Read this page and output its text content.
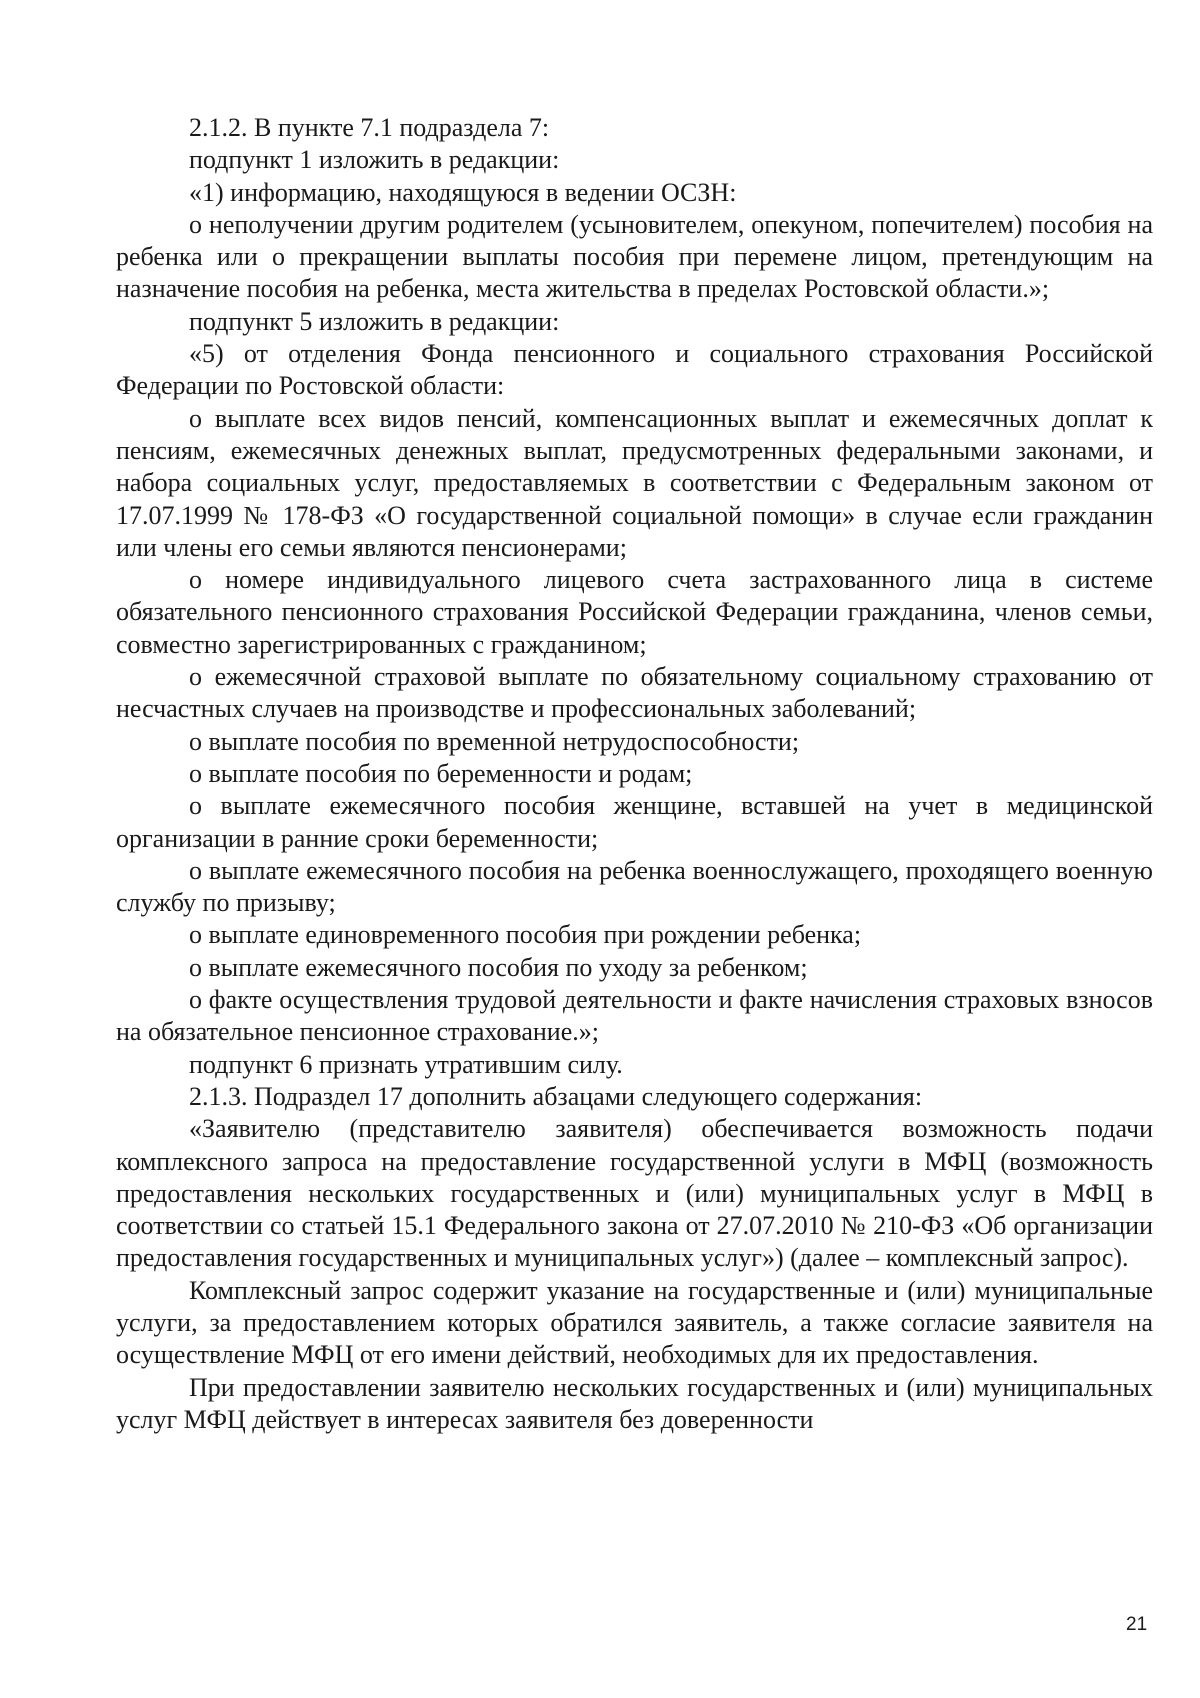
2.1.2. В пункте 7.1 подраздела 7:

подпункт 1 изложить в редакции:

«1) информацию, находящуюся в ведении ОСЗН:

о неполучении другим родителем (усыновителем, опекуном, попечителем) пособия на ребенка или о прекращении выплаты пособия при перемене лицом, претендующим на назначение пособия на ребенка, места жительства в пределах Ростовской области.»;

подпункт 5 изложить в редакции:

«5) от отделения Фонда пенсионного и социального страхования Российской Федерации по Ростовской области:

о выплате всех видов пенсий, компенсационных выплат и ежемесячных доплат к пенсиям, ежемесячных денежных выплат, предусмотренных федеральными законами, и набора социальных услуг, предоставляемых в соответствии с Федеральным законом от 17.07.1999 № 178-ФЗ «О государственной социальной помощи» в случае если гражданин или члены его семьи являются пенсионерами;

о номере индивидуального лицевого счета застрахованного лица в системе обязательного пенсионного страхования Российской Федерации гражданина, членов семьи, совместно зарегистрированных с гражданином;

о ежемесячной страховой выплате по обязательному социальному страхованию от несчастных случаев на производстве и профессиональных заболеваний;

о выплате пособия по временной нетрудоспособности;

о выплате пособия по беременности и родам;

о выплате ежемесячного пособия женщине, вставшей на учет в медицинской организации в ранние сроки беременности;

о выплате ежемесячного пособия на ребенка военнослужащего, проходящего военную службу по призыву;

о выплате единовременного пособия при рождении ребенка;

о выплате ежемесячного пособия по уходу за ребенком;

о факте осуществления трудовой деятельности и факте начисления страховых взносов на обязательное пенсионное страхование.»;

подпункт 6 признать утратившим силу.

2.1.3. Подраздел 17 дополнить абзацами следующего содержания:

«Заявителю (представителю заявителя) обеспечивается возможность подачи комплексного запроса на предоставление государственной услуги в МФЦ (возможность предоставления нескольких государственных и (или) муниципальных услуг в МФЦ в соответствии со статьей 15.1 Федерального закона от 27.07.2010 № 210-ФЗ «Об организации предоставления государственных и муниципальных услуг») (далее – комплексный запрос).

Комплексный запрос содержит указание на государственные и (или) муниципальные услуги, за предоставлением которых обратился заявитель, а также согласие заявителя на осуществление МФЦ от его имени действий, необходимых для их предоставления.

При предоставлении заявителю нескольких государственных и (или) муниципальных услуг МФЦ действует в интересах заявителя без доверенности

21
